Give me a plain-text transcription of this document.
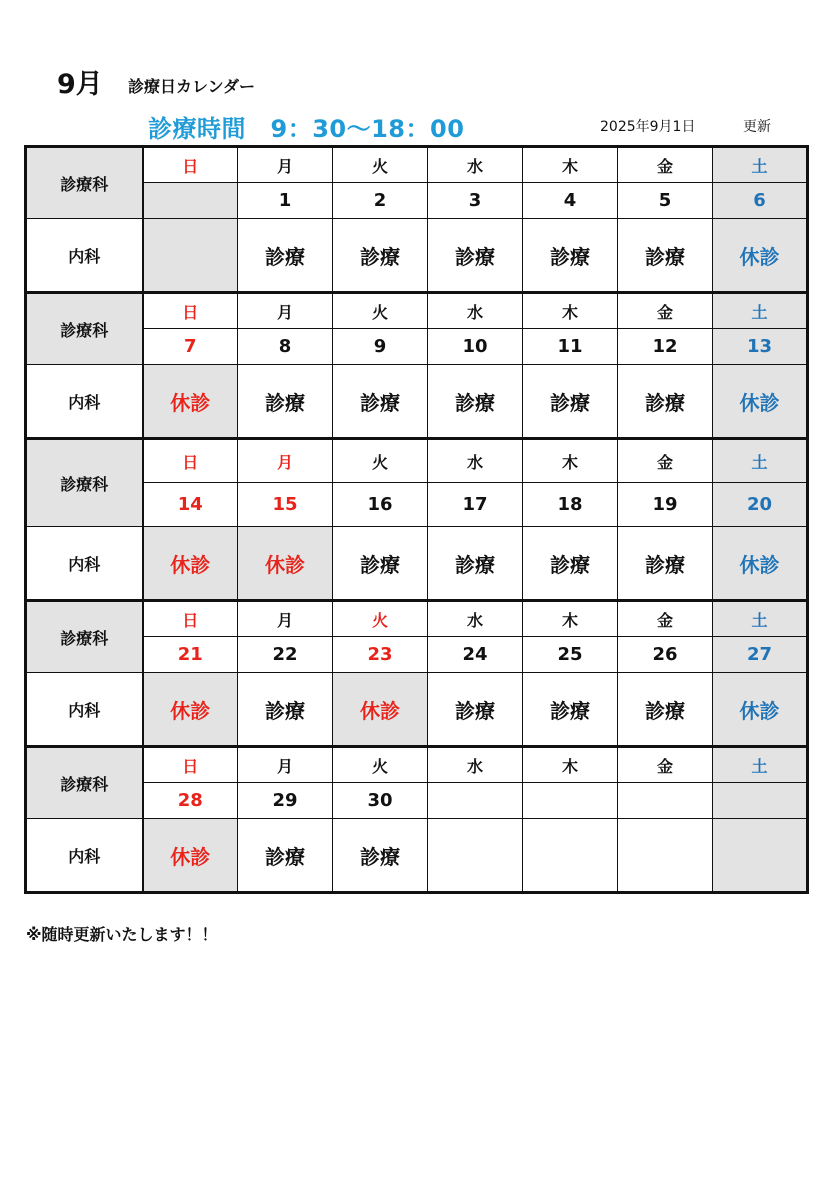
9月 診療日カレンダー
診療時間　9：30～18：00	2025年9月1日	更新
診療科	日	月	火	水	木	金	土
		1	2	3	4	5	6
内科		診療	診療	診療	診療	診療	休診
診療科	日	月	火	水	木	金	土
	7	8	9	10	11	12	13
内科	休診	診療	診療	診療	診療	診療	休診
診療科	日	月	火	水	木	金	土
	14	15	16	17	18	19	20
内科	休診	休診	診療	診療	診療	診療	休診
診療科	日	月	火	水	木	金	土
	21	22	23	24	25	26	27
内科	休診	診療	休診	診療	診療	診療	休診
診療科	日	月	火	水	木	金	土
	28	29	30				
内科	休診	診療	診療				
※随時更新いたします！！
